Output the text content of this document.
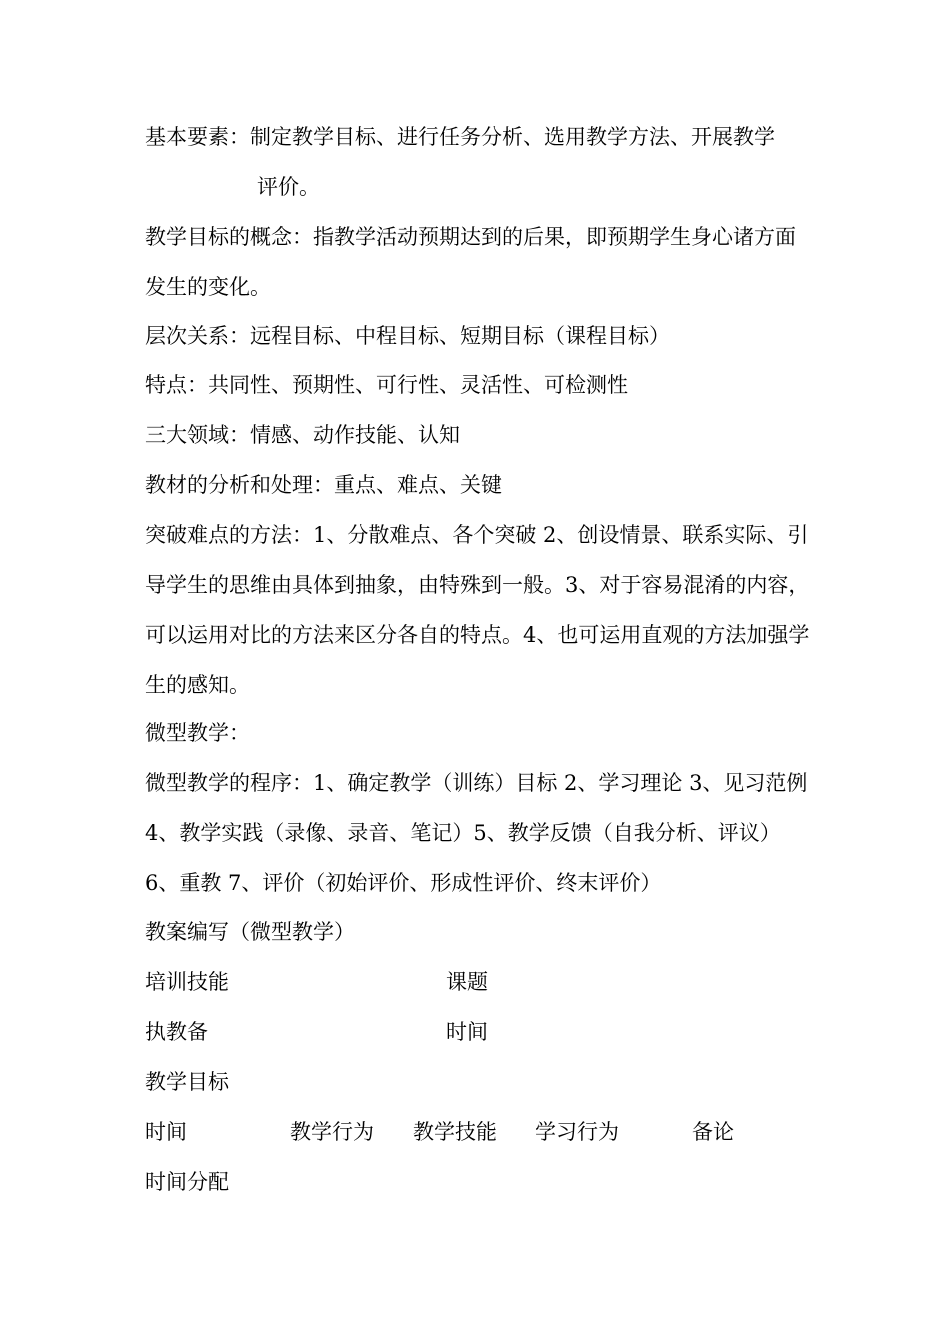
基本要素：制定教学目标、进行任务分析、选用教学方法、开展教学
评价。

教学目标的概念：指教学活动预期达到的后果，即预期学生身心诸方面发生的变化。

层次关系：远程目标、中程目标、短期目标（课程目标）

特点：共同性、预期性、可行性、灵活性、可检测性

三大领域：情感、动作技能、认知

教材的分析和处理：重点、难点、关键

突破难点的方法：1、分散难点、各个突破 2、创设情景、联系实际、引导学生的思维由具体到抽象，由特殊到一般。3、对于容易混淆的内容，可以运用对比的方法来区分各自的特点。4、也可运用直观的方法加强学生的感知。

微型教学：

微型教学的程序：1、确定教学（训练）目标 2、学习理论 3、见习范例 4、教学实践（录像、录音、笔记）5、教学反馈（自我分析、评议）6、重教 7、评价（初始评价、形成性评价、终末评价）

教案编写（微型教学）

培训技能	课题
执教备	时间
教学目标
时间	教学行为 教学技能 学习行为	备论
时间分配
